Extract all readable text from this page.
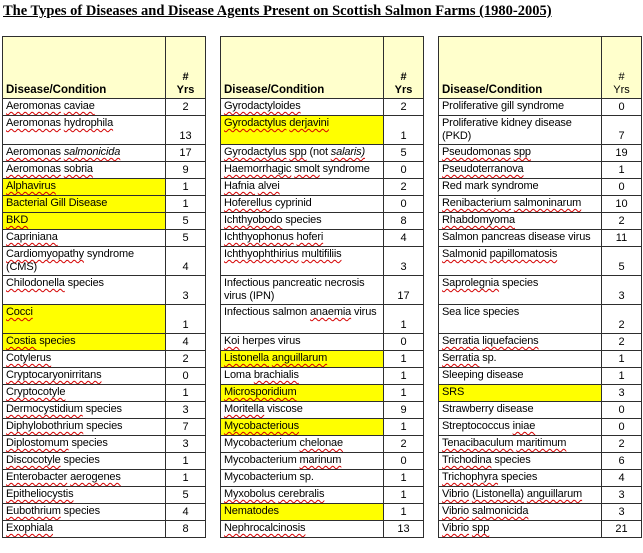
The Types of Diseases and Disease Agents Present on Scottish Salmon Farms (1980-2005)
Disease/Condition	#
Yrs
Aeromonas caviae	2
Aeromonas hydrophila	13
Aeromonas salmonicida	17
Aeromonas sobria	9
Alphavirus	1
Bacterial Gill Disease	1
BKD	5
Capriniana	5
Cardiomyopathy syndrome (CMS)	4
Chilodonella species	3
Cocci	1
Costia species	4
Cotylerus	2
Cryptocaryonirritans	0
Cryptocotyle	1
Dermocystidium species	3
Diphylobothrium species	7
Diplostomum species	3
Discocotyle species	1
Enterobacter aerogenes	1
Epitheliocystis	5
Eubothrium species	4
Exophiala	8
Disease/Condition	#
Yrs
Gyrodactyloides	2
Gyrodactylus derjavini	1
Gyrodactylus spp (not salaris)	5
Haemorrhagic smolt syndrome	0
Hafnia alvei	2
Hoferellus cyprinid	0
Ichthyobodo species	8
Ichthyophonus hoferi	4
Ichthyophthirius multifiliis	3
Infectious pancreatic necrosis virus (IPN)	17
Infectious salmon anaemia virus	1
Koi herpes virus	0
Listonella anguillarum	1
Loma brachialis	1
Microsporidium	1
Moritella viscose	9
Mycobacterious	1
Mycobacterium chelonae	2
Mycobacterium marinum	0
Mycobacterium sp.	1
Myxobolus cerebralis	1
Nematodes	1
Nephrocalcinosis	13
Disease/Condition	#
Yrs
Proliferative gill syndrome	0
Proliferative kidney disease (PKD)	7
Pseudomonas spp	19
Pseudoterranova	1
Red mark syndrome	0
Renibacterium salmoninarum	10
Rhabdomyoma	2
Salmon pancreas disease virus	11
Salmonid papillomatosis	5
Saprolegnia species	3
Sea lice species	2
Serratia liquefaciens	2
Serratia sp.	1
Sleeping disease	1
SRS	3
Strawberry disease	0
Streptococcus iniae	0
Tenacibaculum maritimum	2
Trichodina species	6
Trichophyra species	4
Vibrio (Listonella) anguillarum	3
Vibrio salmonicida	3
Vibrio spp	21
